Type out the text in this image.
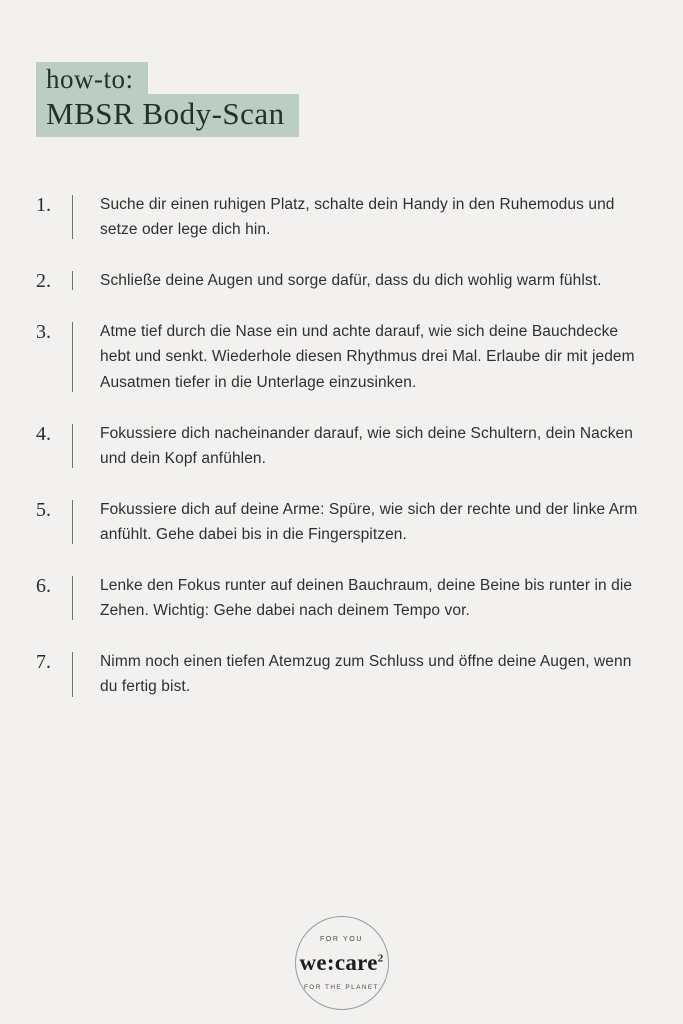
how-to:
MBSR Body-Scan
1.	Suche dir einen ruhigen Platz, schalte dein Handy in den Ruhemodus und setze oder lege dich hin.
2.	Schließe deine Augen und sorge dafür, dass du dich wohlig warm fühlst.
3.	Atme tief durch die Nase ein und achte darauf, wie sich deine Bauchdecke hebt und senkt. Wiederhole diesen Rhythmus drei Mal. Erlaube dir mit jedem Ausatmen tiefer in die Unterlage einzusinken.
4.	Fokussiere dich nacheinander darauf, wie sich deine Schultern, dein Nacken und dein Kopf anfühlen.
5.	Fokussiere dich auf deine Arme: Spüre, wie sich der rechte und der linke Arm anfühlt. Gehe dabei bis in die Fingerspitzen.
6.	Lenke den Fokus runter auf deinen Bauchraum, deine Beine bis runter in die Zehen. Wichtig: Gehe dabei nach deinem Tempo vor.
7.	Nimm noch einen tiefen Atemzug zum Schluss und öffne deine Augen, wenn du fertig bist.
FOR YOU
we:care$^2$
FOR THE PLANET
